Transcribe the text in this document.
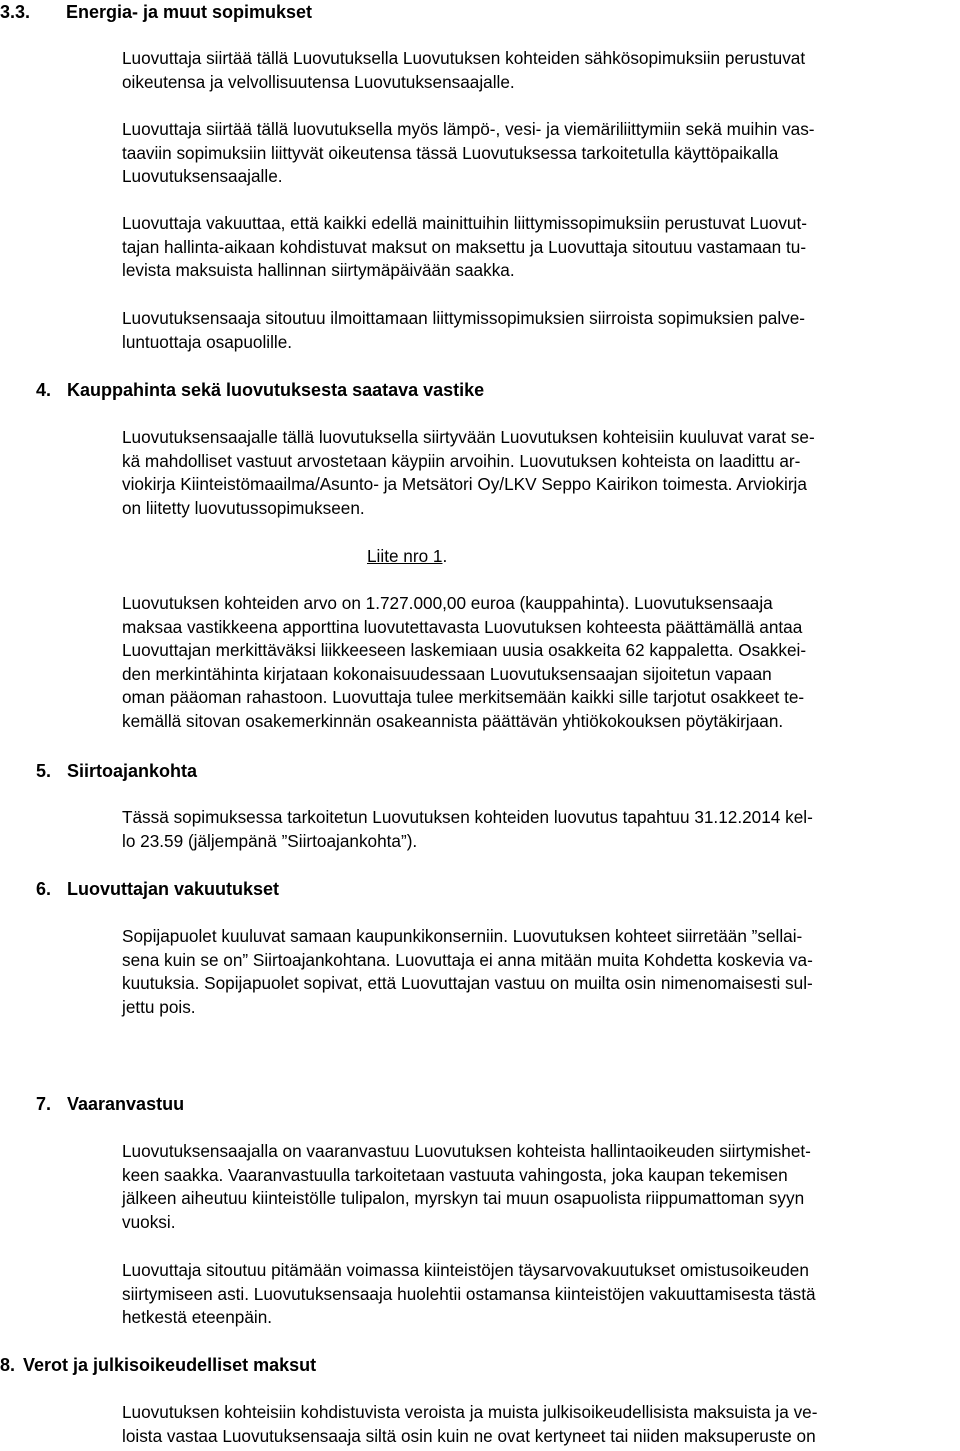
3.3. Energia- ja muut sopimukset

Luovuttaja siirtää tällä Luovutuksella Luovutuksen kohteiden sähkösopimuksiin perustuvat
oikeutensa ja velvollisuutensa Luovutuksensaajalle.

Luovuttaja siirtää tällä luovutuksella myös lämpö-, vesi- ja viemäriliittymiin sekä muihin vas-
taaviin sopimuksiin liittyvät oikeutensa tässä Luovutuksessa tarkoitetulla käyttöpaikalla
Luovutuksensaajalle.

Luovuttaja vakuuttaa, että kaikki edellä mainittuihin liittymissopimuksiin perustuvat Luovut-
tajan hallinta-aikaan kohdistuvat maksut on maksettu ja Luovuttaja sitoutuu vastamaan tu-
levista maksuista hallinnan siirtymäpäivään saakka.

Luovutuksensaaja sitoutuu ilmoittamaan liittymissopimuksien siirroista sopimuksien palve-
luntuottaja osapuolille.

4. Kauppahinta sekä luovutuksesta saatava vastike

Luovutuksensaajalle tällä luovutuksella siirtyvään Luovutuksen kohteisiin kuuluvat varat se-
kä mahdolliset vastuut arvostetaan käypiin arvoihin. Luovutuksen kohteista on laadittu ar-
viokirja Kiinteistömaailma/Asunto- ja Metsätori Oy/LKV Seppo Kairikon toimesta. Arviokirja
on liitetty luovutussopimukseen.

Liite nro 1.

Luovutuksen kohteiden arvo on 1.727.000,00 euroa (kauppahinta). Luovutuksensaaja
maksaa vastikkeena apporttina luovutettavasta Luovutuksen kohteesta päättämällä antaa
Luovuttajan merkittäväksi liikkeeseen laskemiaan uusia osakkeita 62 kappaletta. Osakkei-
den merkintähinta kirjataan kokonaisuudessaan Luovutuksensaajan sijoitetun vapaan
oman pääoman rahastoon. Luovuttaja tulee merkitsemään kaikki sille tarjotut osakkeet te-
kemällä sitovan osakemerkinnän osakeannista päättävän yhtiökokouksen pöytäkirjaan.

5. Siirtoajankohta

Tässä sopimuksessa tarkoitetun Luovutuksen kohteiden luovutus tapahtuu 31.12.2014 kel-
lo 23.59 (jäljempänä ”Siirtoajankohta”).

6. Luovuttajan vakuutukset

Sopijapuolet kuuluvat samaan kaupunkikonserniin. Luovutuksen kohteet siirretään ”sellai-
sena kuin se on” Siirtoajankohtana. Luovuttaja ei anna mitään muita Kohdetta koskevia va-
kuutuksia. Sopijapuolet sopivat, että Luovuttajan vastuu on muilta osin nimenomaisesti sul-
jettu pois.

7. Vaaranvastuu

Luovutuksensaajalla on vaaranvastuu Luovutuksen kohteista hallintaoikeuden siirtymishet-
keen saakka. Vaaranvastuulla tarkoitetaan vastuuta vahingosta, joka kaupan tekemisen
jälkeen aiheutuu kiinteistölle tulipalon, myrskyn tai muun osapuolista riippumattoman syyn
vuoksi.

Luovuttaja sitoutuu pitämään voimassa kiinteistöjen täysarvovakuutukset omistusoikeuden
siirtymiseen asti. Luovutuksensaaja huolehtii ostamansa kiinteistöjen vakuuttamisesta tästä
hetkestä eteenpäin.

8. Verot ja julkisoikeudelliset maksut

Luovutuksen kohteisiin kohdistuvista veroista ja muista julkisoikeudellisista maksuista ja ve-
loista vastaa Luovutuksensaaja siltä osin kuin ne ovat kertyneet tai niiden maksuperuste on
